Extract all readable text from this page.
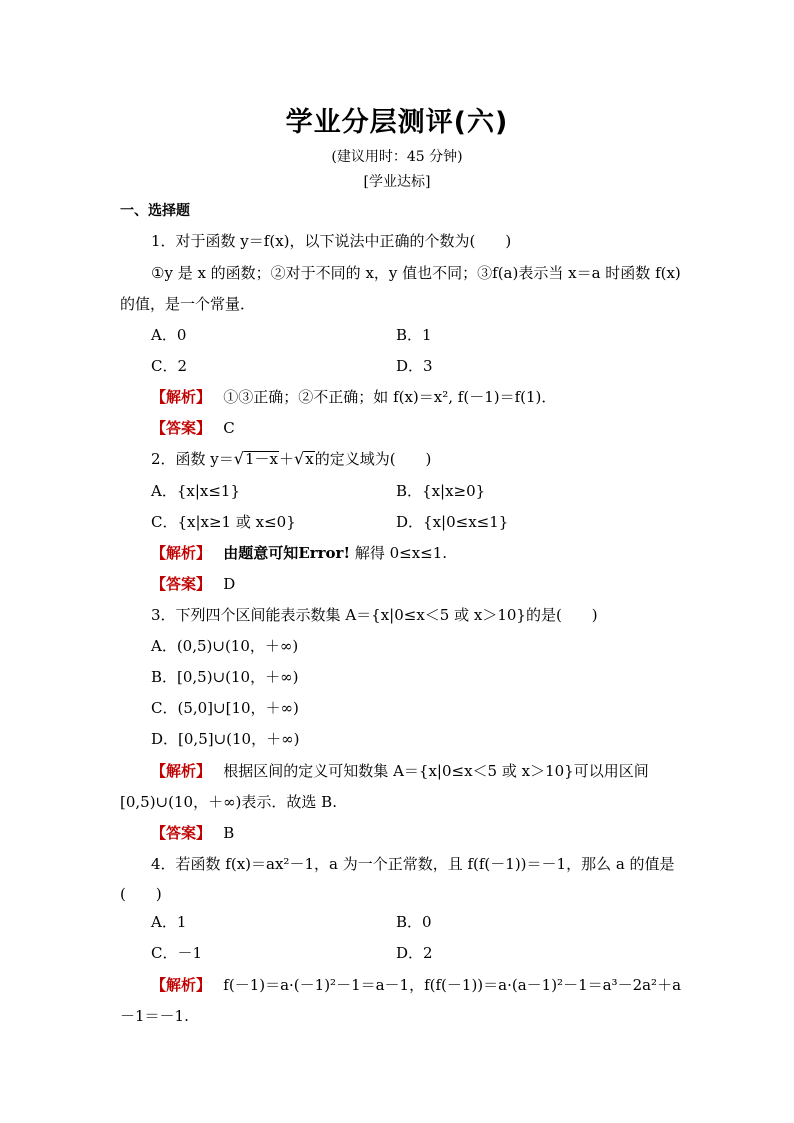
学业分层测评(六)
(建议用时：45 分钟)
[学业达标]
一、选择题
1．对于函数 y＝f(x)，以下说法中正确的个数为(　　)
①y 是 x 的函数；②对于不同的 x，y 值也不同；③f(a)表示当 x＝a 时函数 f(x)
的值，是一个常量．
A．0	B．1
C．2	D．3
【解析】　 ①③正确；②不正确；如 f(x)＝x², f(－1)＝f(1)．
【答案】　 C
2．函数 y＝√1－x＋√x的定义域为(　　)
A．{x|x≤1}	B．{x|x≥0}
C．{x|x≥1 或 x≤0}	D．{x|0≤x≤1}
【解析】　 由题意可知Error! 解得 0≤x≤1.
【答案】　 D
3．下列四个区间能表示数集 A＝{x|0≤x＜5 或 x＞10}的是(　　)
A．(0,5)∪(10，＋∞)
B．[0,5)∪(10，＋∞)
C．(5,0]∪[10，＋∞)
D．[0,5]∪(10，＋∞)
【解析】　 根据区间的定义可知数集 A＝{x|0≤x＜5 或 x＞10}可以用区间
[0,5)∪(10，＋∞)表示．故选 B.
【答案】　 B
4．若函数 f(x)＝ax²－1，a 为一个正常数，且 f(f(－1))＝－1，那么 a 的值是
(　　)
A．1	B．0
C．－1	D．2
【解析】　 f(－1)＝a·(－1)²－1＝a－1，f(f(－1))＝a·(a－1)²－1＝a³－2a²＋a
－1＝－1.
